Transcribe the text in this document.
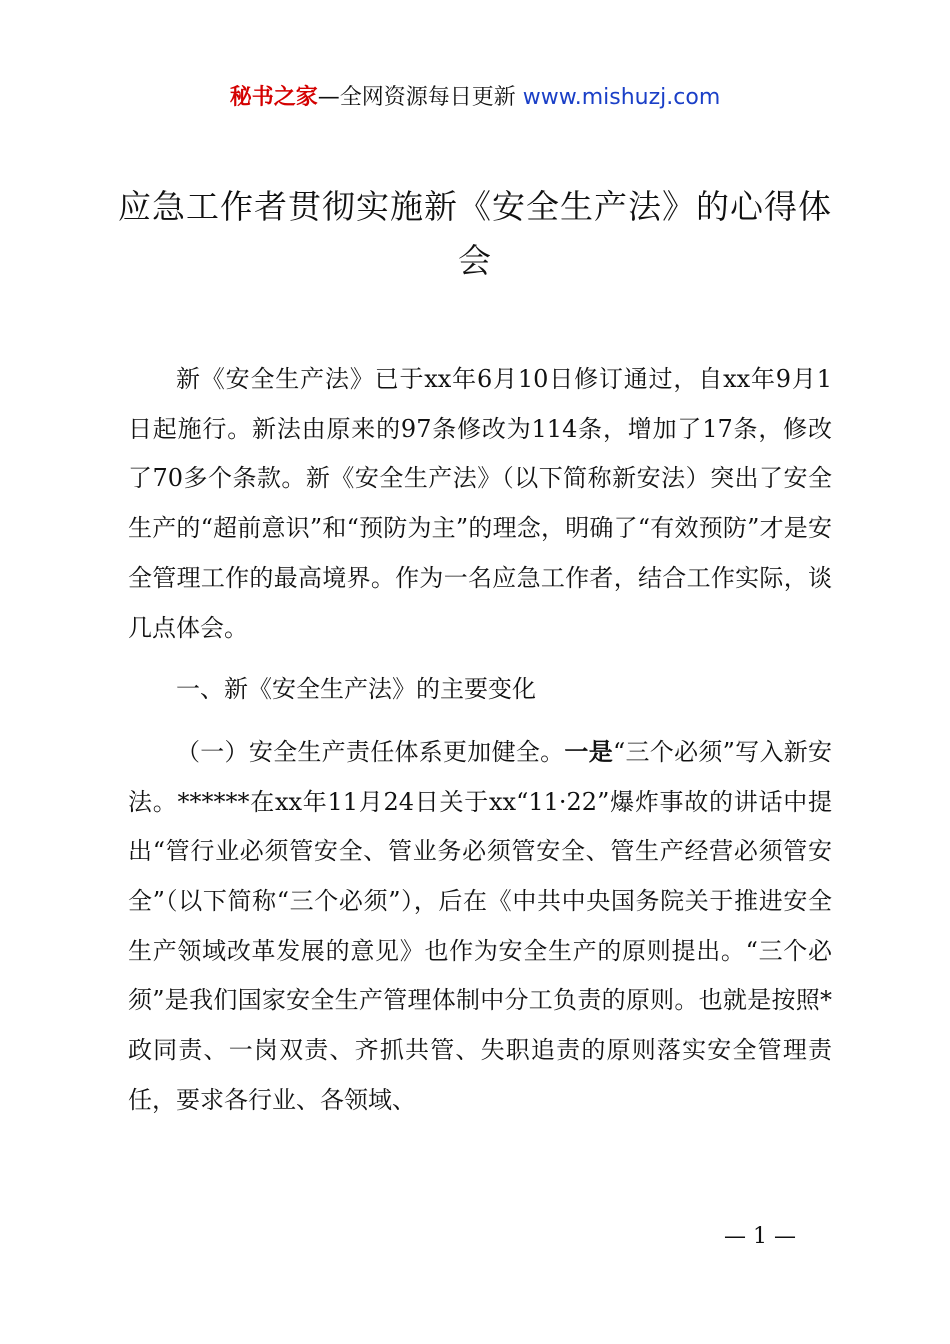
秘书之家—全网资源每日更新 www.mishuzj.com
应急工作者贯彻实施新《安全生产法》的心得体会

新《安全生产法》已于xx年6月10日修订通过，自xx年9月1日起施行。新法由原来的97条修改为114条，增加了17条，修改了70多个条款。新《安全生产法》（以下简称新安法）突出了安全生产的“超前意识”和“预防为主”的理念，明确了“有效预防”才是安全管理工作的最高境界。作为一名应急工作者，结合工作实际，谈几点体会。

一、新《安全生产法》的主要变化

（一）安全生产责任体系更加健全。一是“三个必须”写入新安法。******在xx年11月24日关于xx“11·22”爆炸事故的讲话中提出“管行业必须管安全、管业务必须管安全、管生产经营必须管安全”（以下简称“三个必须”），后在《中共中央国务院关于推进安全生产领域改革发展的意见》也作为安全生产的原则提出。“三个必须”是我们国家安全生产管理体制中分工负责的原则。也就是按照*政同责、一岗双责、齐抓共管、失职追责的原则落实安全管理责任，要求各行业、各领域、

— 1 —
